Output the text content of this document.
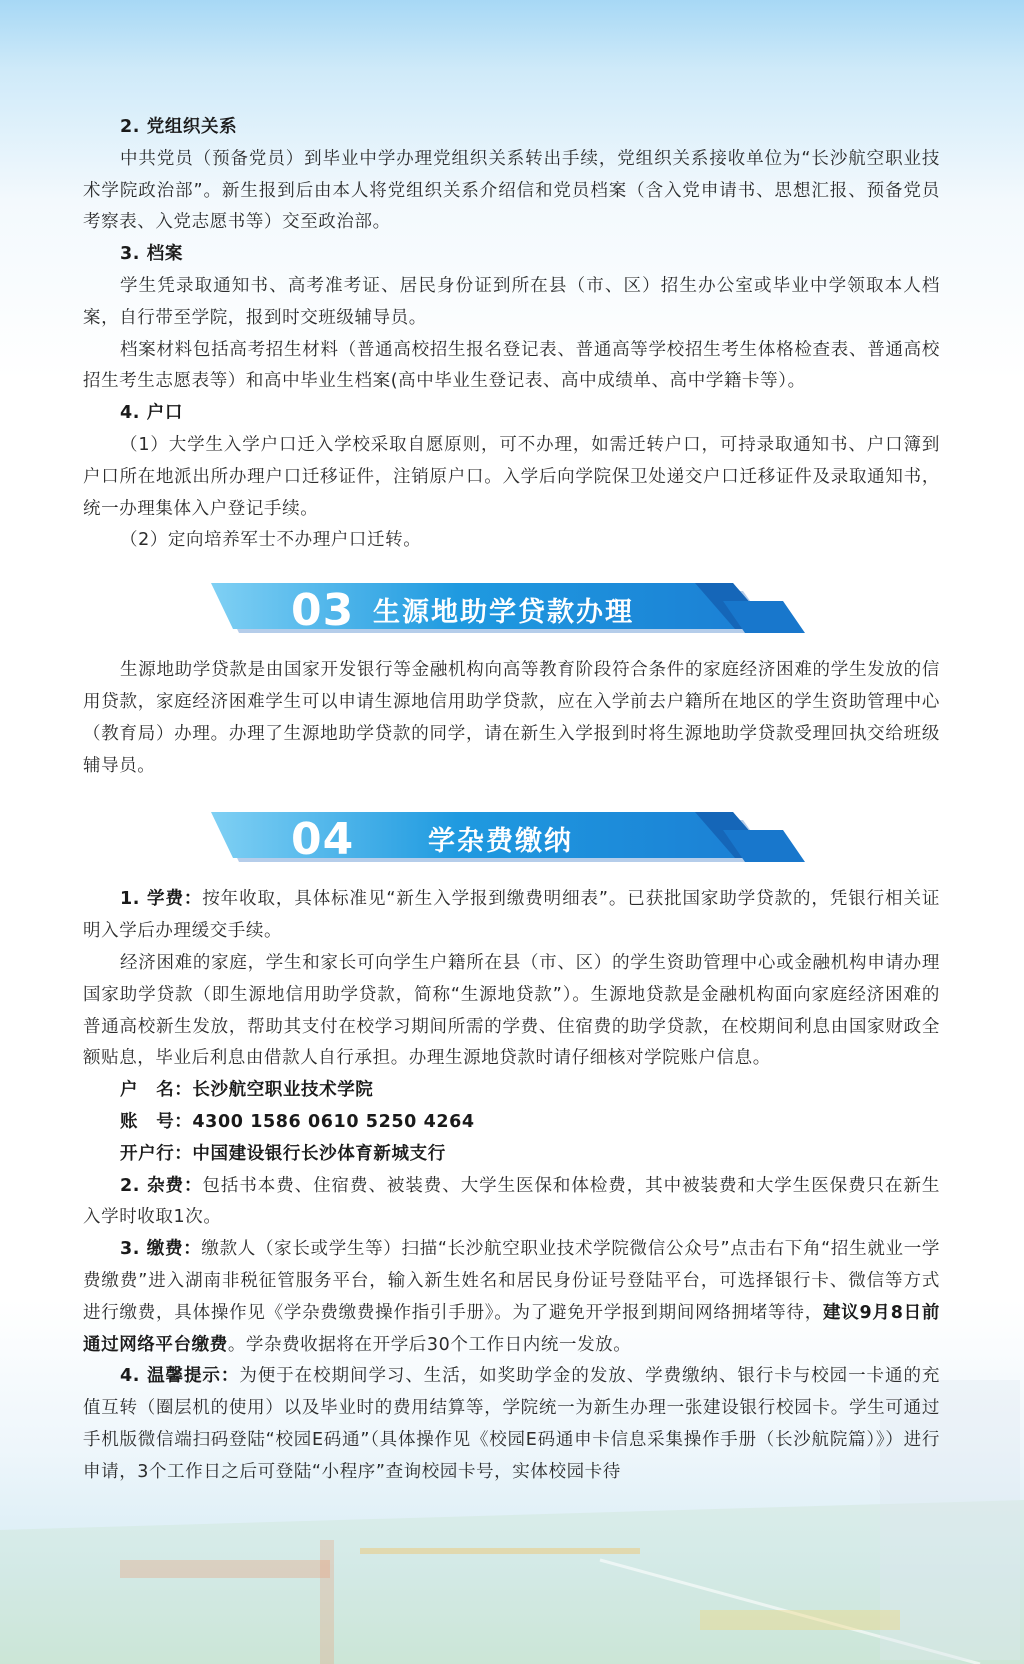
2. 党组织关系

中共党员（预备党员）到毕业中学办理党组织关系转出手续，党组织关系接收单位为“长沙航空职业技术学院政治部”。新生报到后由本人将党组织关系介绍信和党员档案（含入党申请书、思想汇报、预备党员考察表、入党志愿书等）交至政治部。

3. 档案

学生凭录取通知书、高考准考证、居民身份证到所在县（市、区）招生办公室或毕业中学领取本人档案，自行带至学院，报到时交班级辅导员。

档案材料包括高考招生材料（普通高校招生报名登记表、普通高等学校招生考生体格检查表、普通高校招生考生志愿表等）和高中毕业生档案(高中毕业生登记表、高中成绩单、高中学籍卡等）。

4. 户口

（1）大学生入学户口迁入学校采取自愿原则，可不办理，如需迁转户口，可持录取通知书、户口簿到户口所在地派出所办理户口迁移证件，注销原户口。入学后向学院保卫处递交户口迁移证件及录取通知书，统一办理集体入户登记手续。

（2）定向培养军士不办理户口迁转。

03 生源地助学贷款办理

生源地助学贷款是由国家开发银行等金融机构向高等教育阶段符合条件的家庭经济困难的学生发放的信用贷款，家庭经济困难学生可以申请生源地信用助学贷款，应在入学前去户籍所在地区的学生资助管理中心（教育局）办理。办理了生源地助学贷款的同学，请在新生入学报到时将生源地助学贷款受理回执交给班级辅导员。

04	学杂费缴纳

1. 学费：按年收取，具体标准见“新生入学报到缴费明细表”。已获批国家助学贷款的，凭银行相关证明入学后办理缓交手续。

经济困难的家庭，学生和家长可向学生户籍所在县（市、区）的学生资助管理中心或金融机构申请办理国家助学贷款（即生源地信用助学贷款，简称“生源地贷款”）。生源地贷款是金融机构面向家庭经济困难的普通高校新生发放，帮助其支付在校学习期间所需的学费、住宿费的助学贷款，在校期间利息由国家财政全额贴息，毕业后利息由借款人自行承担。办理生源地贷款时请仔细核对学院账户信息。

户　名：长沙航空职业技术学院

账　号：4300 1586 0610 5250 4264

开户行：中国建设银行长沙体育新城支行

2. 杂费：包括书本费、住宿费、被装费、大学生医保和体检费，其中被装费和大学生医保费只在新生入学时收取1次。

3. 缴费：缴款人（家长或学生等）扫描“长沙航空职业技术学院微信公众号”点击右下角“招生就业一学费缴费”进入湖南非税征管服务平台，输入新生姓名和居民身份证号登陆平台，可选择银行卡、微信等方式进行缴费，具体操作见《学杂费缴费操作指引手册》。为了避免开学报到期间网络拥堵等待，建议9月8日前通过网络平台缴费。学杂费收据将在开学后30个工作日内统一发放。

4. 温馨提示：为便于在校期间学习、生活，如奖助学金的发放、学费缴纳、银行卡与校园一卡通的充值互转（圈层机的使用）以及毕业时的费用结算等，学院统一为新生办理一张建设银行校园卡。学生可通过手机版微信端扫码登陆“校园E码通”（具体操作见《校园E码通申卡信息采集操作手册（长沙航院篇）》）进行申请，3个工作日之后可登陆“小程序”查询校园卡号，实体校园卡待
